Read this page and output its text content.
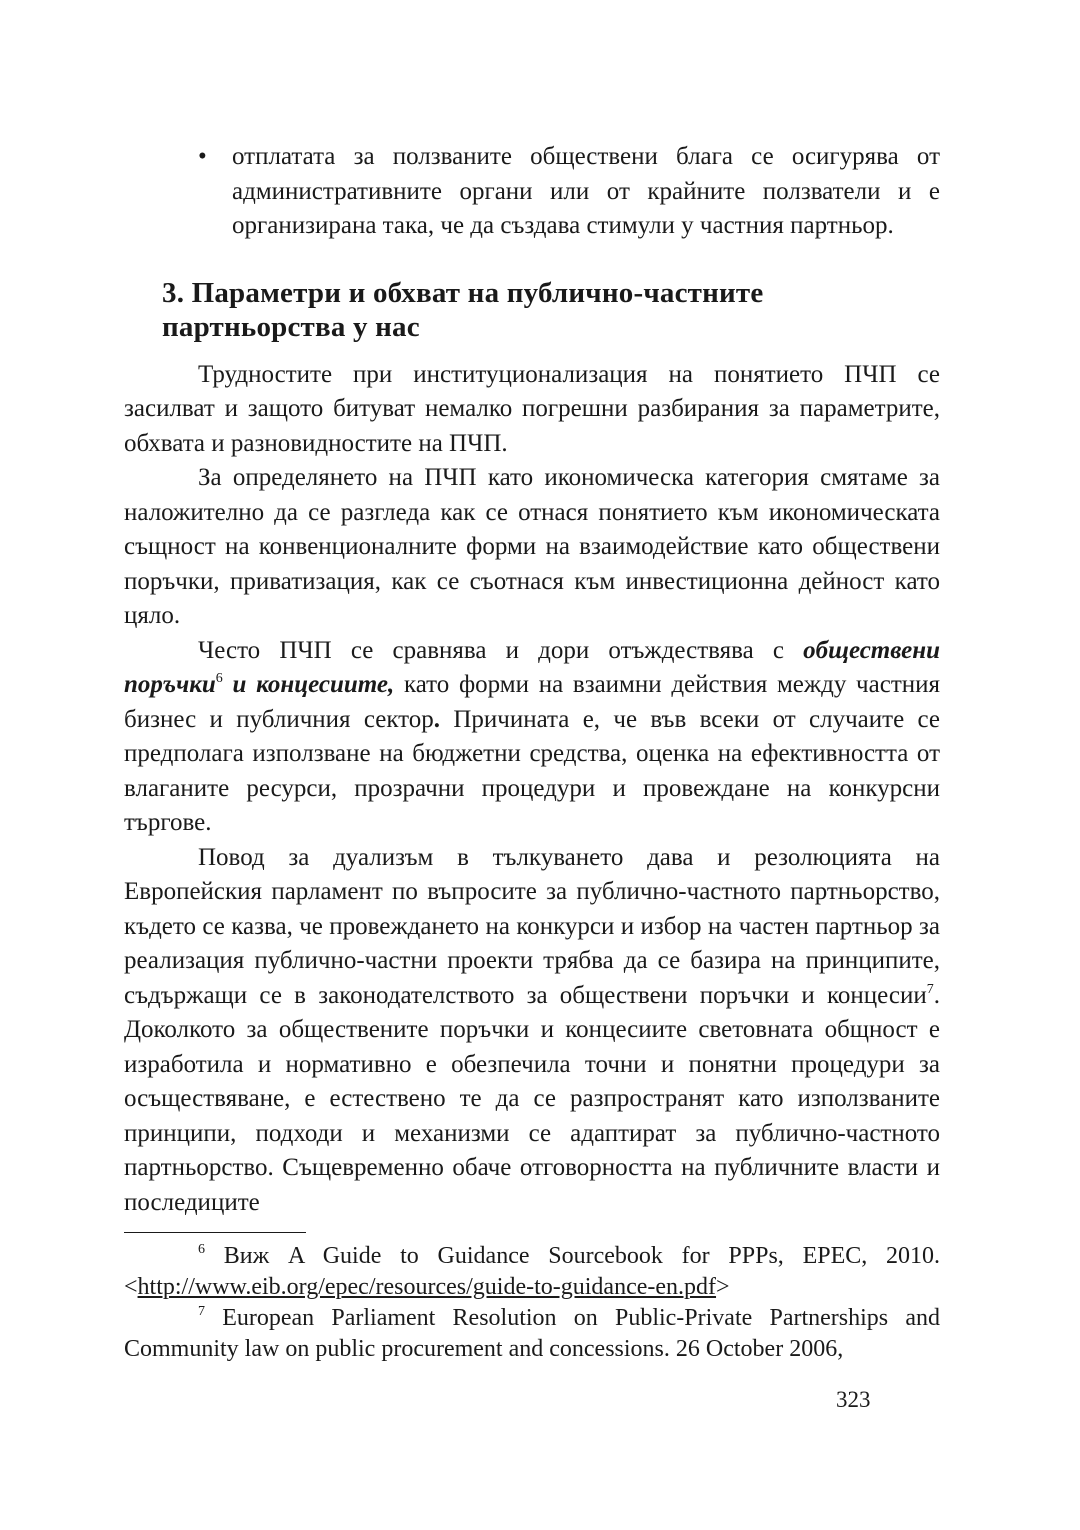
• отплатата за ползваните обществени блага се осигурява от административните органи или от крайните ползватели и е организирана така, че да създава стимули у частния партньор.

3. Параметри и обхват на публично-частните
партньорства у нас

Трудностите при институционализация на понятието ПЧП се засилват и защото битуват немалко погрешни разбирания за параметрите, обхвата и разновидностите на ПЧП.

За определянето на ПЧП като икономическа категория смятаме за наложително да се разгледа как се отнася понятието към икономическата същност на конвенционалните форми на взаимодействие като обществени поръчки, приватизация, как се съотнася към инвестиционна дейност като цяло.

Често ПЧП се сравнява и дори отъждествява с обществени поръчки$^6$ и концесиите, като форми на взаимни действия между частния бизнес и публичния сектор. Причината е, че във всеки от случаите се предполага използване на бюджетни средства, оценка на ефективността от влаганите ресурси, прозрачни процедури и провеждане на конкурсни търгове.

Повод за дуализъм в тълкуването дава и резолюцията на Европейския парламент по въпросите за публично-частното партньорство, където се казва, че провеждането на конкурси и избор на частен партньор за реализация публично-частни проекти трябва да се базира на принципите, съдържащи се в законодателството за обществени поръчки и концесии$^7$. Доколкото за обществените поръчки и концесиите световната общност е изработила и нормативно е обезпечила точни и понятни процедури за осъществяване, е естествено те да се разпространят като използваните принципи, подходи и механизми се адаптират за публично-частното партньорство. Същевременно обаче отговорността на публичните власти и последиците

$^6$ Виж A Guide to Guidance Sourcebook for PPPs, EPEC, 2010. <http://www.eib.org/epec/resources/guide-to-guidance-en.pdf>

$^7$ European Parliament Resolution on Public-Private Partnerships and Community law on public procurement and concessions. 26 October 2006,

323
